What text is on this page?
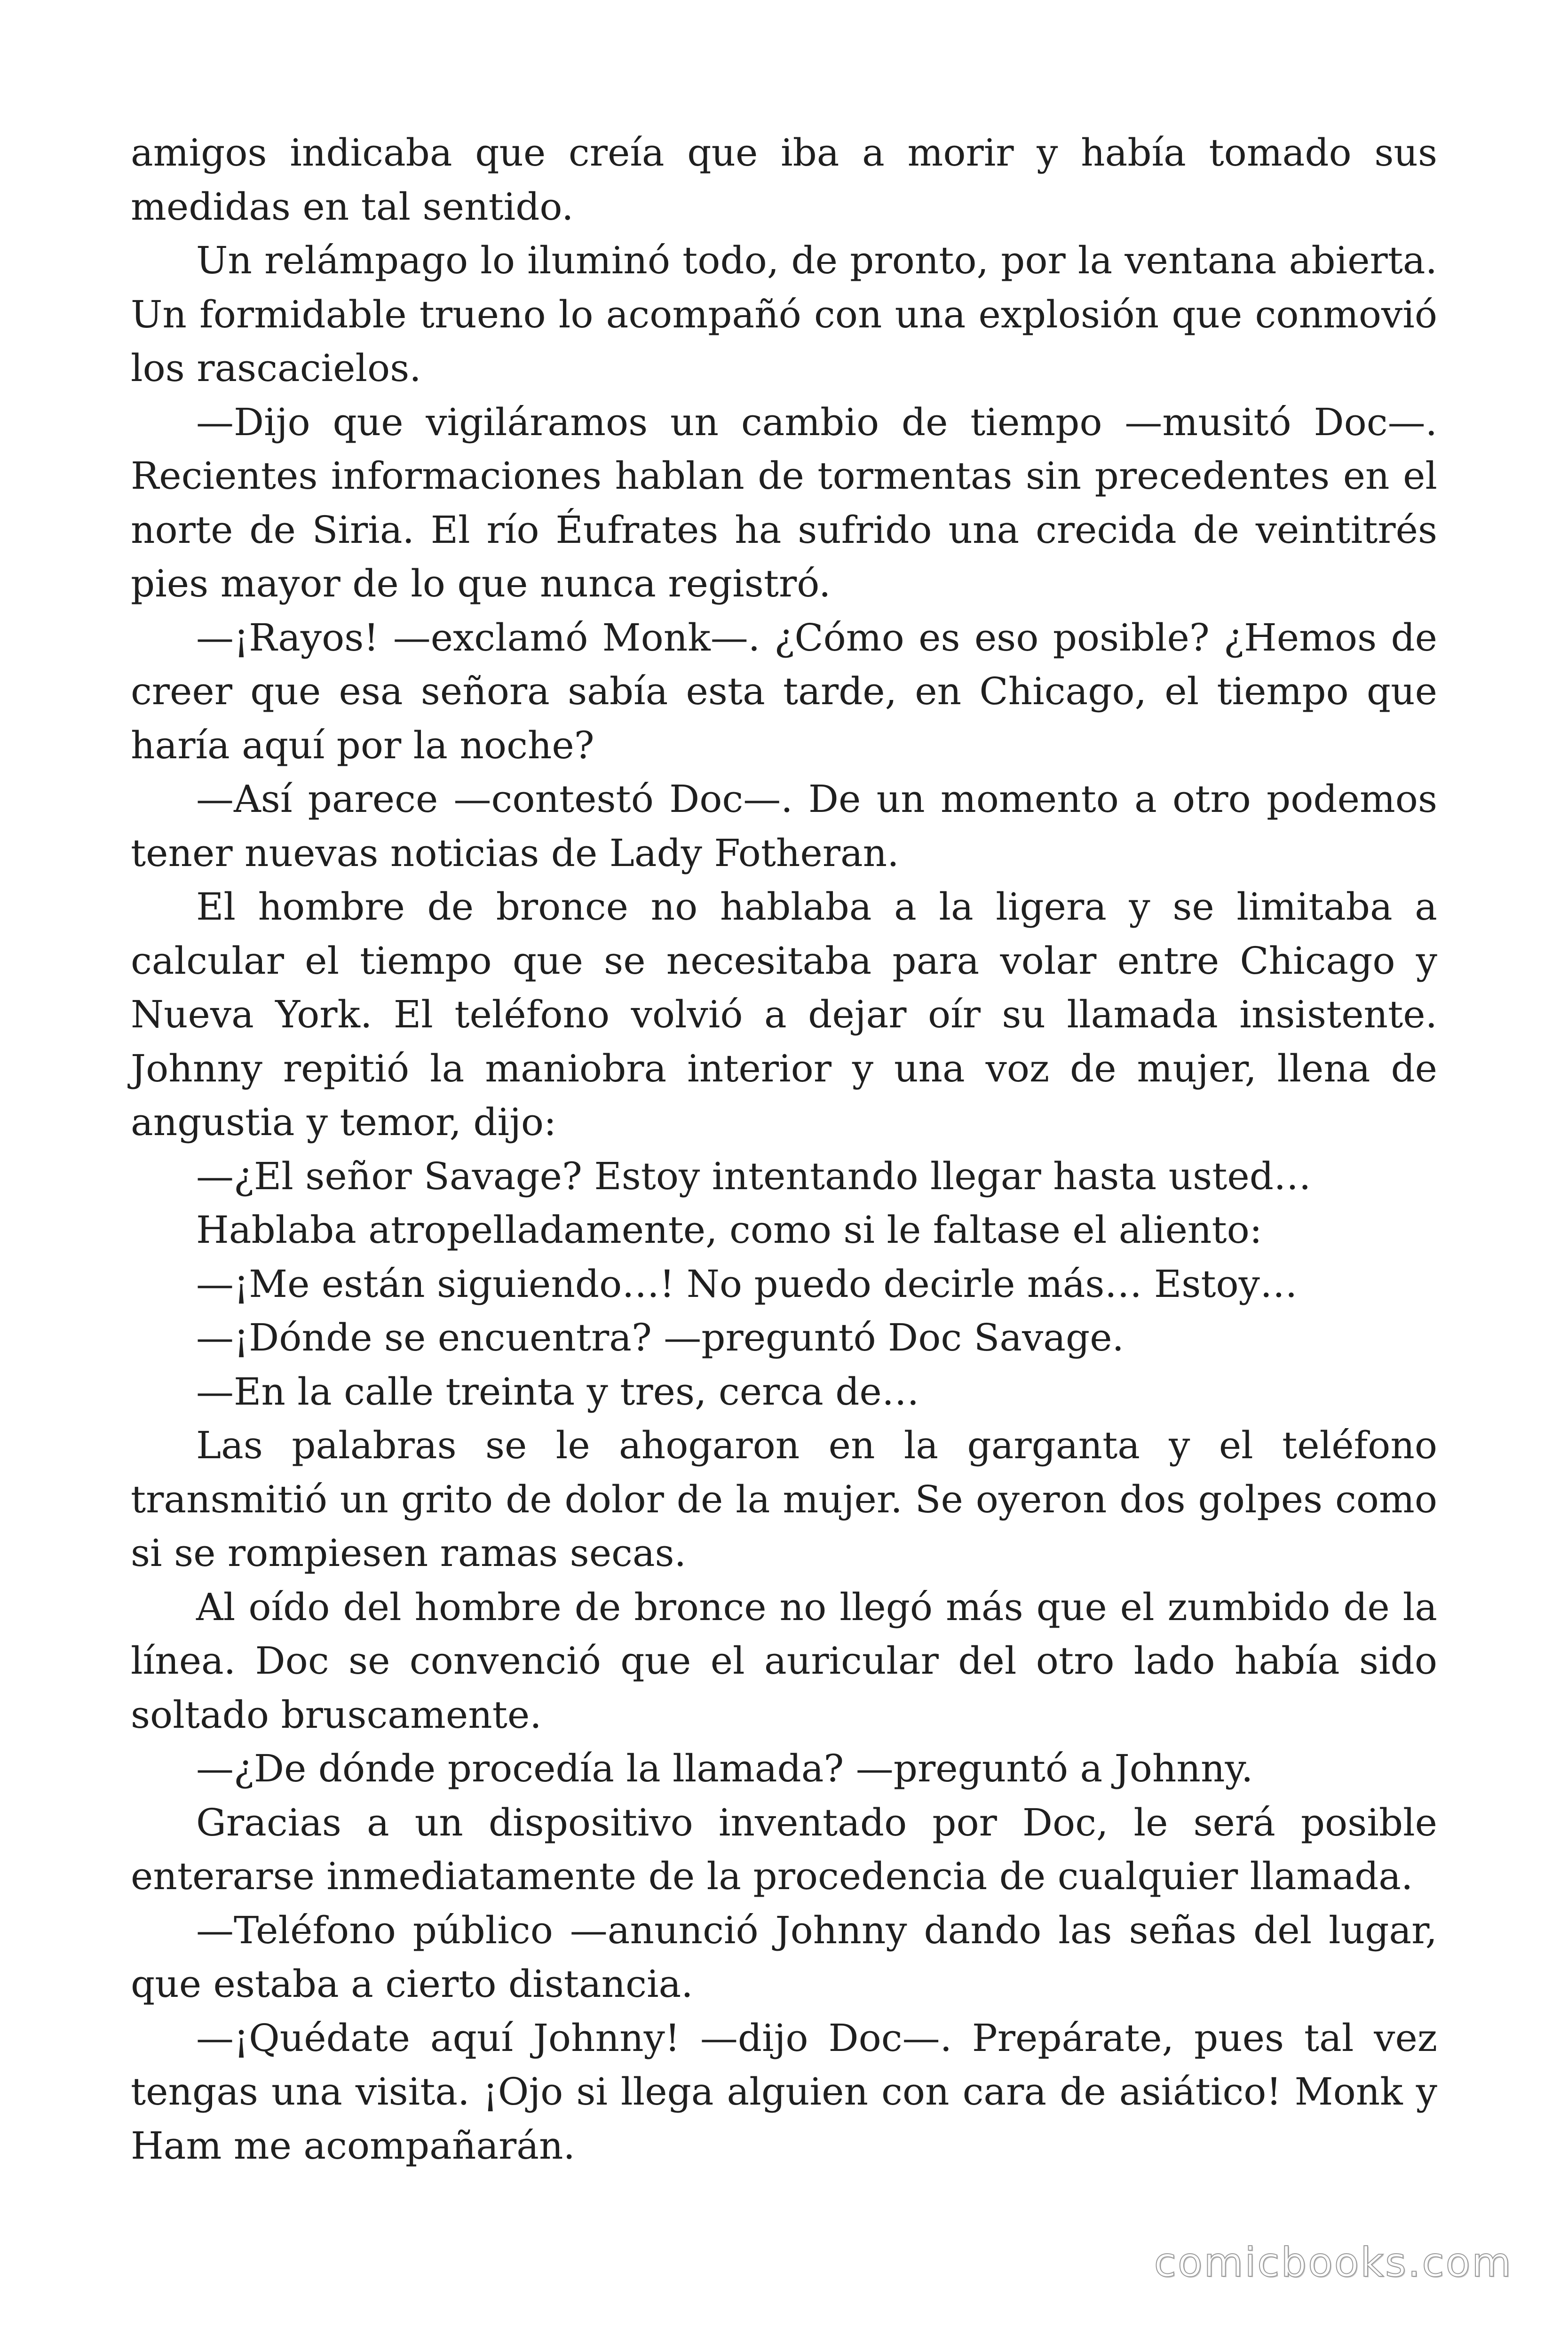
amigos indicaba que creía que iba a morir y había tomado sus medidas en tal sentido.

Un relámpago lo iluminó todo, de pronto, por la ventana abierta. Un formidable trueno lo acompañó con una explosión que conmovió los rascacielos.

—Dijo que vigiláramos un cambio de tiempo —musitó Doc—. Recientes informaciones hablan de tormentas sin precedentes en el norte de Siria. El río Éufrates ha sufrido una crecida de veintitrés pies mayor de lo que nunca registró.

—¡Rayos! —exclamó Monk—. ¿Cómo es eso posible? ¿Hemos de creer que esa señora sabía esta tarde, en Chicago, el tiempo que haría aquí por la noche?

—Así parece —contestó Doc—. De un momento a otro podemos tener nuevas noticias de Lady Fotheran.

El hombre de bronce no hablaba a la ligera y se limitaba a calcular el tiempo que se necesitaba para volar entre Chicago y Nueva York. El teléfono volvió a dejar oír su llamada insistente. Johnny repitió la maniobra interior y una voz de mujer, llena de angustia y temor, dijo:

—¿El señor Savage? Estoy intentando llegar hasta usted…

Hablaba atropelladamente, como si le faltase el aliento:

—¡Me están siguiendo…! No puedo decirle más… Estoy…

—¡Dónde se encuentra? —preguntó Doc Savage.

—En la calle treinta y tres, cerca de…

Las palabras se le ahogaron en la garganta y el teléfono transmitió un grito de dolor de la mujer. Se oyeron dos golpes como si se rompiesen ramas secas.

Al oído del hombre de bronce no llegó más que el zumbido de la línea. Doc se convenció que el auricular del otro lado había sido soltado bruscamente.

—¿De dónde procedía la llamada? —preguntó a Johnny.

Gracias a un dispositivo inventado por Doc, le será posible enterarse inmediatamente de la procedencia de cualquier llamada.

—Teléfono público —anunció Johnny dando las señas del lugar, que estaba a cierto distancia.

—¡Quédate aquí Johnny! —dijo Doc—. Prepárate, pues tal vez tengas una visita. ¡Ojo si llega alguien con cara de asiático! Monk y Ham me acompañarán.

comicbooks.com
